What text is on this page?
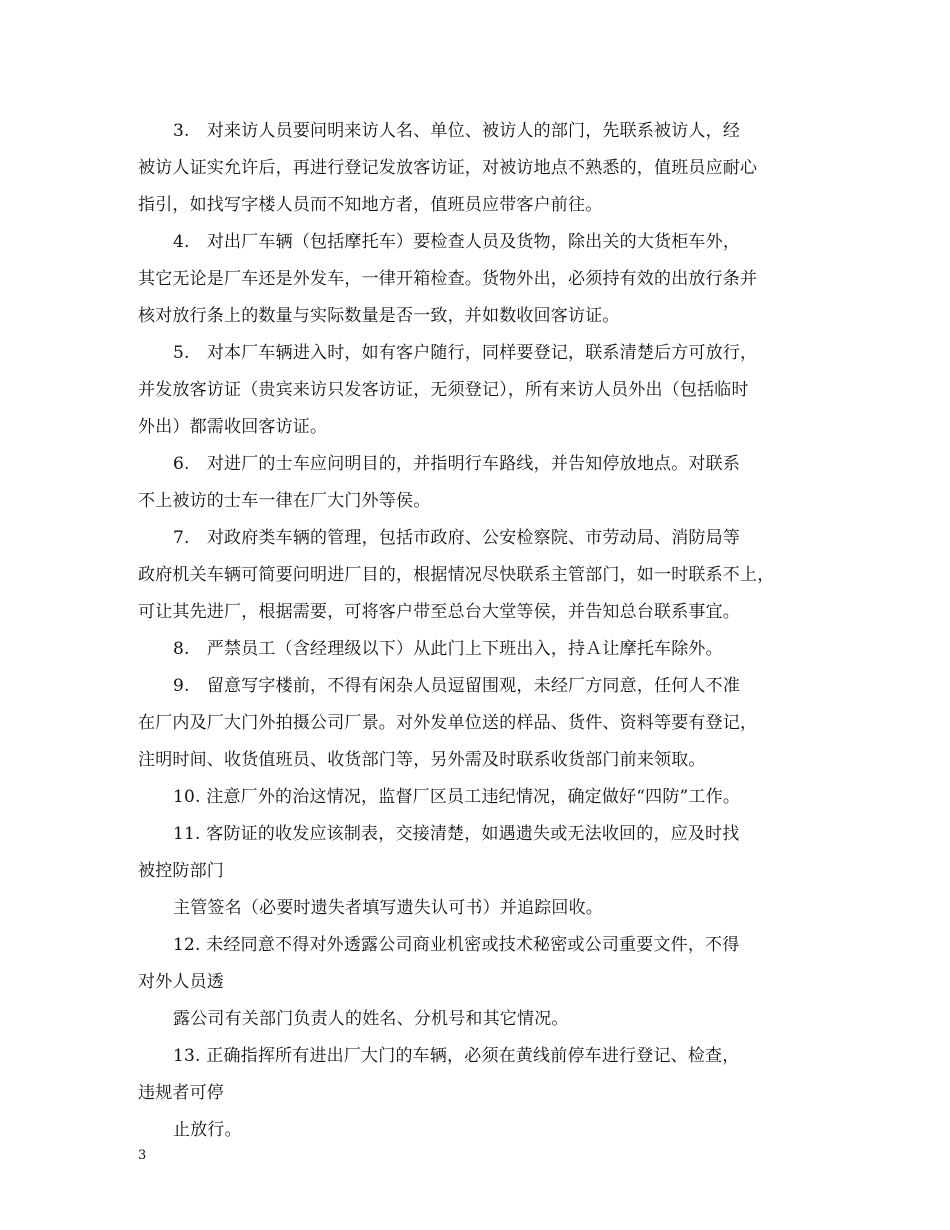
3.　对来访人员要问明来访人名、单位、被访人的部门，先联系被访人，经
被访人证实允许后，再进行登记发放客访证，对被访地点不熟悉的，值班员应耐心
指引，如找写字楼人员而不知地方者，值班员应带客户前往。
4.　对出厂车辆（包括摩托车）要检查人员及货物，除出关的大货柜车外，
其它无论是厂车还是外发车，一律开箱检查。货物外出，必须持有效的出放行条并
核对放行条上的数量与实际数量是否一致，并如数收回客访证。
5.　对本厂车辆进入时，如有客户随行，同样要登记，联系清楚后方可放行，
并发放客访证（贵宾来访只发客访证，无须登记），所有来访人员外出（包括临时
外出）都需收回客访证。
6.　对进厂的士车应问明目的，并指明行车路线，并告知停放地点。对联系
不上被访的士车一律在厂大门外等侯。
7.　对政府类车辆的管理，包括市政府、公安检察院、市劳动局、消防局等
政府机关车辆可简要问明进厂目的，根据情况尽快联系主管部门，如一时联系不上，
可让其先进厂，根据需要，可将客户带至总台大堂等侯，并告知总台联系事宜。
8.　严禁员工（含经理级以下）从此门上下班出入，持Ａ让摩托车除外。
9.　留意写字楼前，不得有闲杂人员逗留围观，未经厂方同意，任何人不准
在厂内及厂大门外拍摄公司厂景。对外发单位送的样品、货件、资料等要有登记，
注明时间、收货值班员、收货部门等，另外需及时联系收货部门前来领取。
10. 注意厂外的治这情况，监督厂区员工违纪情况，确定做好“四防”工作。
11. 客防证的收发应该制表，交接清楚，如遇遗失或无法收回的，应及时找
被控防部门
主管签名（必要时遗失者填写遗失认可书）并追踪回收。
12. 未经同意不得对外透露公司商业机密或技术秘密或公司重要文件，不得
对外人员透
露公司有关部门负责人的姓名、分机号和其它情况。
13. 正确指挥所有进出厂大门的车辆，必须在黄线前停车进行登记、检查，
违规者可停
止放行。
3
